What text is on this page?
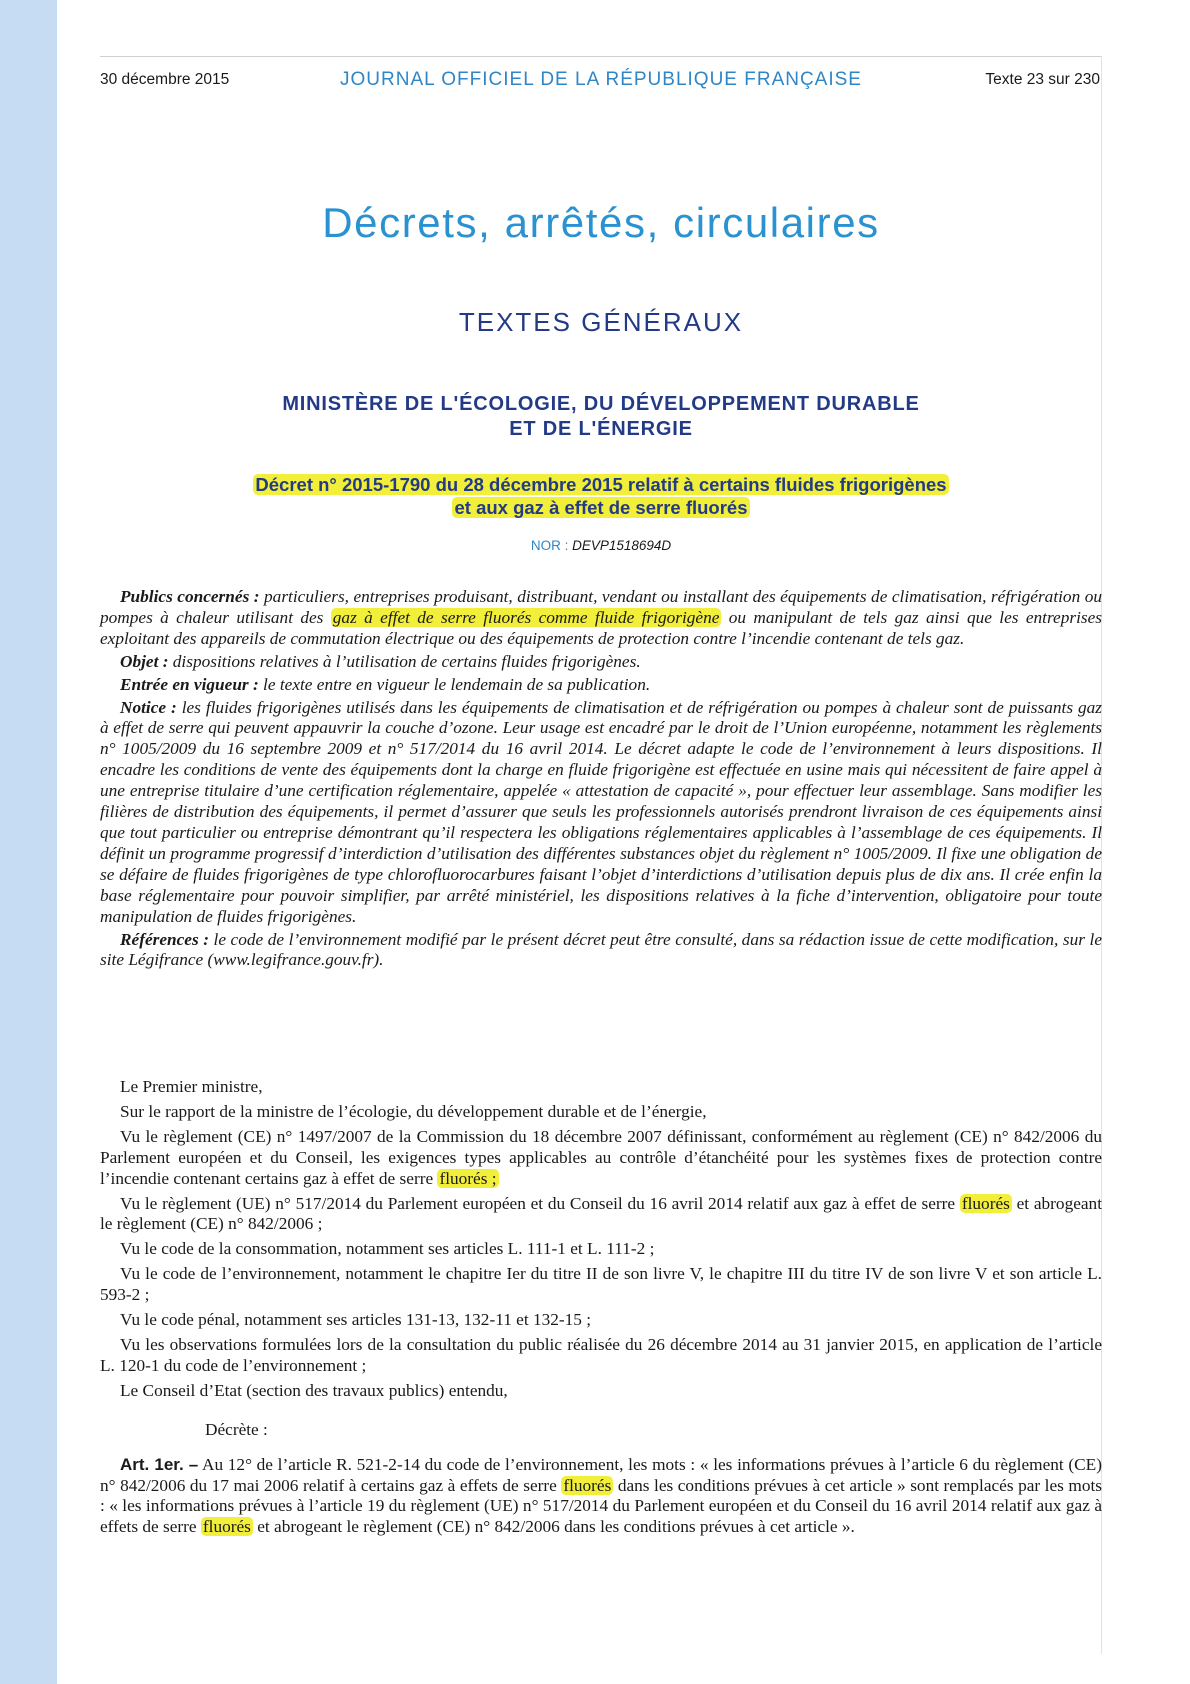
30 décembre 2015	JOURNAL OFFICIEL DE LA RÉPUBLIQUE FRANÇAISE	Texte 23 sur 230
Décrets, arrêtés, circulaires
TEXTES GÉNÉRAUX
MINISTÈRE DE L'ÉCOLOGIE, DU DÉVELOPPEMENT DURABLE
ET DE L'ÉNERGIE
Décret n° 2015-1790 du 28 décembre 2015 relatif à certains fluides frigorigènes
et aux gaz à effet de serre fluorés
NOR : DEVP1518694D

Publics concernés : particuliers, entreprises produisant, distribuant, vendant ou installant des équipements de climatisation, réfrigération ou pompes à chaleur utilisant des gaz à effet de serre fluorés comme fluide frigorigène ou manipulant de tels gaz ainsi que les entreprises exploitant des appareils de commutation électrique ou des équipements de protection contre l’incendie contenant de tels gaz.

Objet : dispositions relatives à l’utilisation de certains fluides frigorigènes.

Entrée en vigueur : le texte entre en vigueur le lendemain de sa publication.

Notice : les fluides frigorigènes utilisés dans les équipements de climatisation et de réfrigération ou pompes à chaleur sont de puissants gaz à effet de serre qui peuvent appauvrir la couche d’ozone. Leur usage est encadré par le droit de l’Union européenne, notamment les règlements n° 1005/2009 du 16 septembre 2009 et n° 517/2014 du 16 avril 2014. Le décret adapte le code de l’environnement à leurs dispositions. Il encadre les conditions de vente des équipements dont la charge en fluide frigorigène est effectuée en usine mais qui nécessitent de faire appel à une entreprise titulaire d’une certification réglementaire, appelée « attestation de capacité », pour effectuer leur assemblage. Sans modifier les filières de distribution des équipements, il permet d’assurer que seuls les professionnels autorisés prendront livraison de ces équipements ainsi que tout particulier ou entreprise démontrant qu’il respectera les obligations réglementaires applicables à l’assemblage de ces équipements. Il définit un programme progressif d’interdiction d’utilisation des différentes substances objet du règlement n° 1005/2009. Il fixe une obligation de se défaire de fluides frigorigènes de type chlorofluorocarbures faisant l’objet d’interdictions d’utilisation depuis plus de dix ans. Il crée enfin la base réglementaire pour pouvoir simplifier, par arrêté ministériel, les dispositions relatives à la fiche d’intervention, obligatoire pour toute manipulation de fluides frigorigènes.

Références : le code de l’environnement modifié par le présent décret peut être consulté, dans sa rédaction issue de cette modification, sur le site Légifrance (www.legifrance.gouv.fr).

Le Premier ministre,

Sur le rapport de la ministre de l’écologie, du développement durable et de l’énergie,

Vu le règlement (CE) n° 1497/2007 de la Commission du 18 décembre 2007 définissant, conformément au règlement (CE) n° 842/2006 du Parlement européen et du Conseil, les exigences types applicables au contrôle d’étanchéité pour les systèmes fixes de protection contre l’incendie contenant certains gaz à effet de serre fluorés ;

Vu le règlement (UE) n° 517/2014 du Parlement européen et du Conseil du 16 avril 2014 relatif aux gaz à effet de serre fluorés et abrogeant le règlement (CE) n° 842/2006 ;

Vu le code de la consommation, notamment ses articles L. 111-1 et L. 111-2 ;

Vu le code de l’environnement, notamment le chapitre Ier du titre II de son livre V, le chapitre III du titre IV de son livre V et son article L. 593-2 ;

Vu le code pénal, notamment ses articles 131-13, 132-11 et 132-15 ;

Vu les observations formulées lors de la consultation du public réalisée du 26 décembre 2014 au 31 janvier 2015, en application de l’article L. 120-1 du code de l’environnement ;

Le Conseil d’Etat (section des travaux publics) entendu,

Décrète :

Art. 1er. – Au 12° de l’article R. 521-2-14 du code de l’environnement, les mots : « les informations prévues à l’article 6 du règlement (CE) n° 842/2006 du 17 mai 2006 relatif à certains gaz à effets de serre fluorés dans les conditions prévues à cet article » sont remplacés par les mots : « les informations prévues à l’article 19 du règlement (UE) n° 517/2014 du Parlement européen et du Conseil du 16 avril 2014 relatif aux gaz à effets de serre fluorés et abrogeant le règlement (CE) n° 842/2006 dans les conditions prévues à cet article ».
